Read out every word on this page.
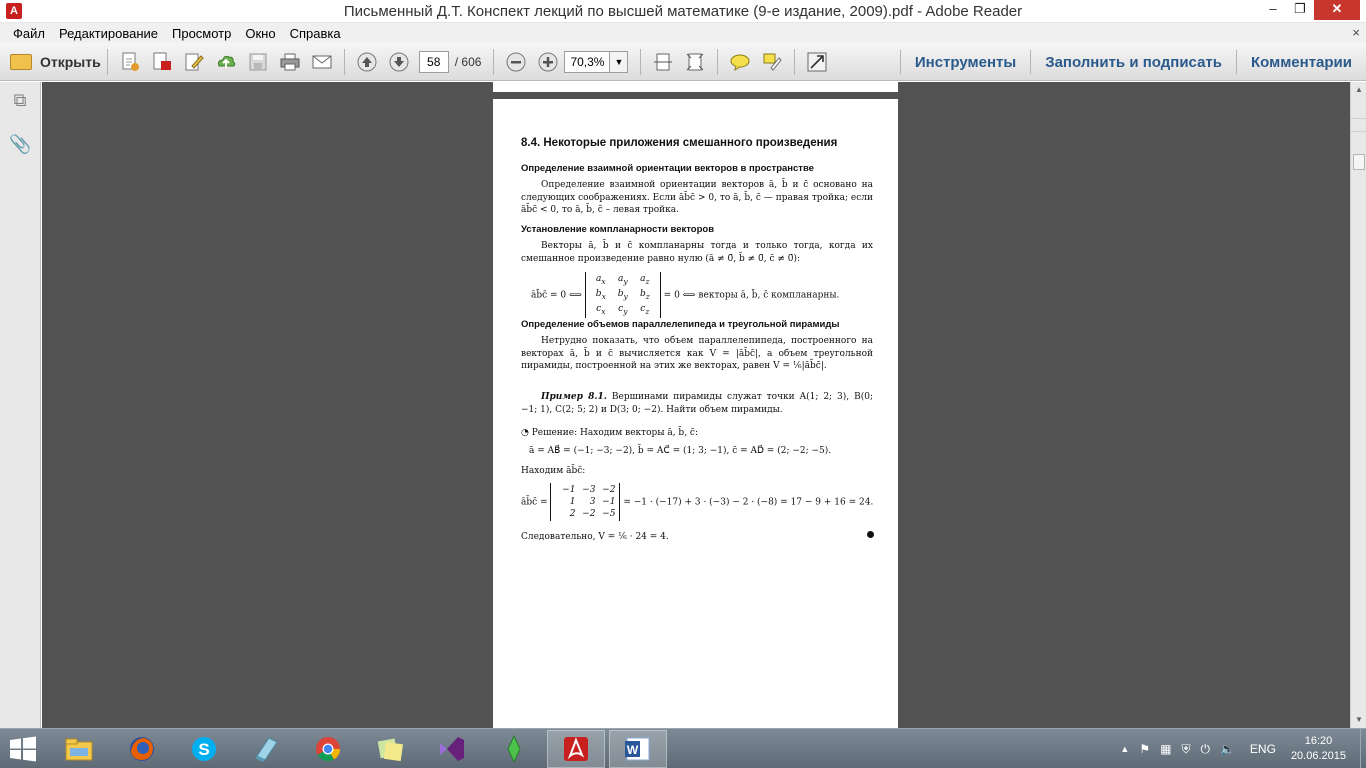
A	Письменный Д.Т. Конспект лекций по высшей математике (9-е издание, 2009).pdf - Adobe Reader	–	❐	✕
Файл	Редактирование	Просмотр	Окно	Справка	×
Открыть	58	/ 606	70,3%	▼	Инструменты	Заполнить и подписать	Комментарии
⧉
📎	8.4. Некоторые приложения смешанного произведения
Определение взаимной ориентации векторов в пространстве
Определение взаимной ориентации векторов ā, b̄ и c̄ основано на следующих соображениях. Если āb̄c̄ > 0, то ā, b̄, c̄ — правая тройка; если āb̄c̄ < 0, то ā, b̄, c̄ – левая тройка.
Установление компланарности векторов
Векторы ā, b̄ и c̄ компланарны тогда и только тогда, когда их смешанное произведение равно нулю (ā ≠ 0̄, b̄ ≠ 0̄, c̄ ≠ 0̄):
āb̄c̄ = 0 ⟺ $a_x$ $a_y$ $a_z$
$b_x$ $b_y$ $b_z$
$c_x$ $c_y$ $c_z = 0$ ⟺ векторы ā, b̄, c̄ компланарны.
Определение объемов параллелепипеда и треугольной пирамиды
Нетрудно показать, что объем параллелепипеда, построенного на векторах ā, b̄ и c̄ вычисляется как V = |āb̄c̄|, а объем треугольной пирамиды, построенной на этих же векторах, равен V = ⅙|āb̄c̄|.
Пример 8.1. Вершинами пирамиды служат точки A(1; 2; 3), B(0; −1; 1), C(2; 5; 2) и D(3; 0; −2). Найти объем пирамиды.
◔ Решение: Находим векторы ā, b̄, c̄:
ā = AB⃗ = (−1; −3; −2), b̄ = AC⃗ = (1; 3; −1), c̄ = AD⃗ = (2; −2; −5).
Находим āb̄c̄:
āb̄c̄ = −1 −3 −2
1 3 −1
2 −2 −5 = −1 · (−17) + 3 · (−3) − 2 · (−8) = 17 − 9 + 16 = 24.
Следовательно, V = ⅙ · 24 = 4.
▲
▼
S	W	▲ ⚑ ▦ ⛨ ⏻ 🔈 ENG
16:20
20.06.2015
